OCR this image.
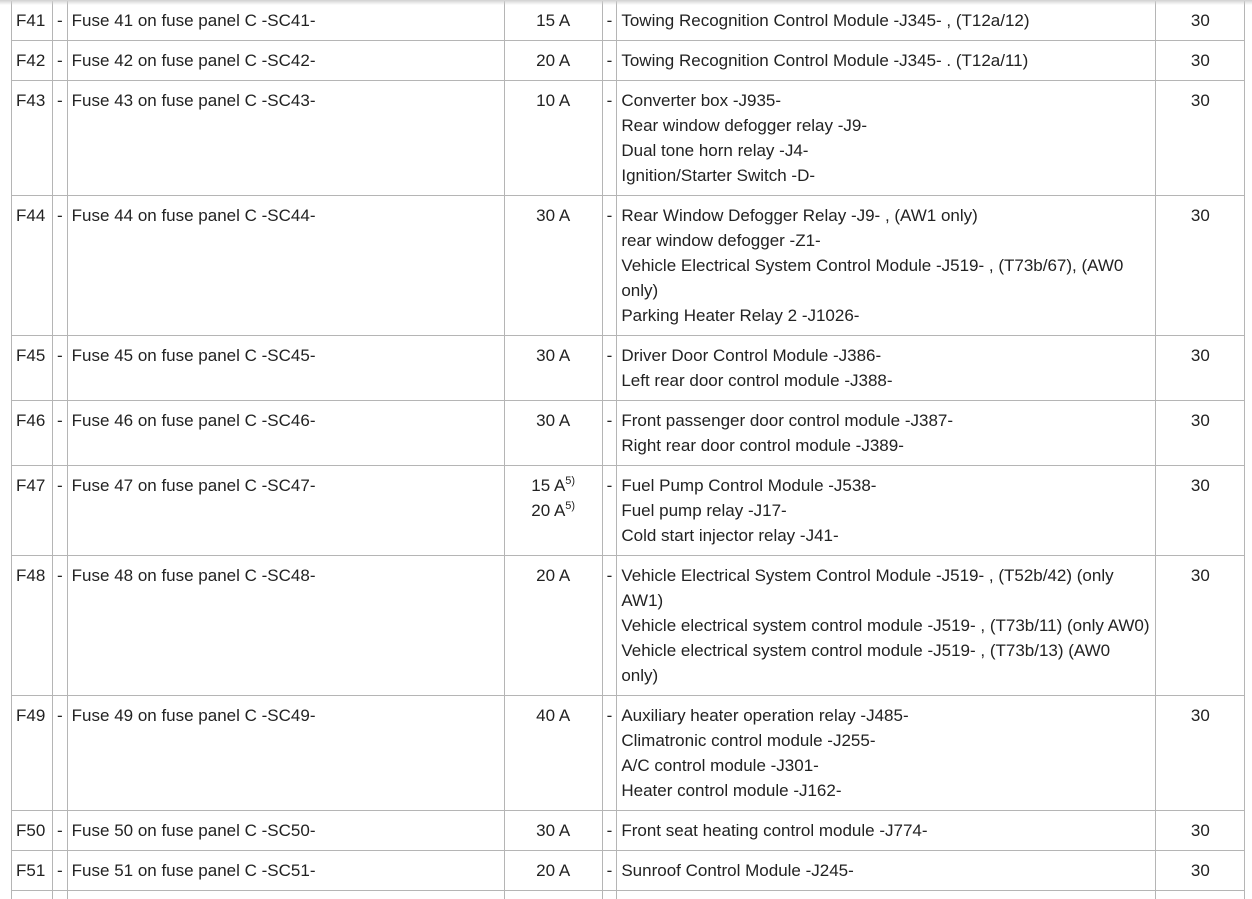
F41	-	Fuse 41 on fuse panel C -SC41-	15 A	-	Towing Recognition Control Module -J345- , (T12a/12)	30
F42	-	Fuse 42 on fuse panel C -SC42-	20 A	-	Towing Recognition Control Module -J345- . (T12a/11)	30
F43	-	Fuse 43 on fuse panel C -SC43-	10 A	-	Converter box -J935-
Rear window defogger relay -J9-
Dual tone horn relay -J4-
Ignition/Starter Switch -D-	30
F44	-	Fuse 44 on fuse panel C -SC44-	30 A	-	Rear Window Defogger Relay -J9- , (AW1 only)
rear window defogger -Z1-
Vehicle Electrical System Control Module -J519- , (T73b/67), (AW0 only)
Parking Heater Relay 2 -J1026-	30
F45	-	Fuse 45 on fuse panel C -SC45-	30 A	-	Driver Door Control Module -J386-
Left rear door control module -J388-	30
F46	-	Fuse 46 on fuse panel C -SC46-	30 A	-	Front passenger door control module -J387-
Right rear door control module -J389-	30
F47	-	Fuse 47 on fuse panel C -SC47-	15 $A^{5)}$
20 $A^{5)}$	-	Fuel Pump Control Module -J538-
Fuel pump relay -J17-
Cold start injector relay -J41-	30
F48	-	Fuse 48 on fuse panel C -SC48-	20 A	-	Vehicle Electrical System Control Module -J519- , (T52b/42) (only AW1)
Vehicle electrical system control module -J519- , (T73b/11) (only AW0)
Vehicle electrical system control module -J519- , (T73b/13) (AW0 only)	30
F49	-	Fuse 49 on fuse panel C -SC49-	40 A	-	Auxiliary heater operation relay -J485-
Climatronic control module -J255-
A/C control module -J301-
Heater control module -J162-	30
F50	-	Fuse 50 on fuse panel C -SC50-	30 A	-	Front seat heating control module -J774-	30
F51	-	Fuse 51 on fuse panel C -SC51-	20 A	-	Sunroof Control Module -J245-	30
